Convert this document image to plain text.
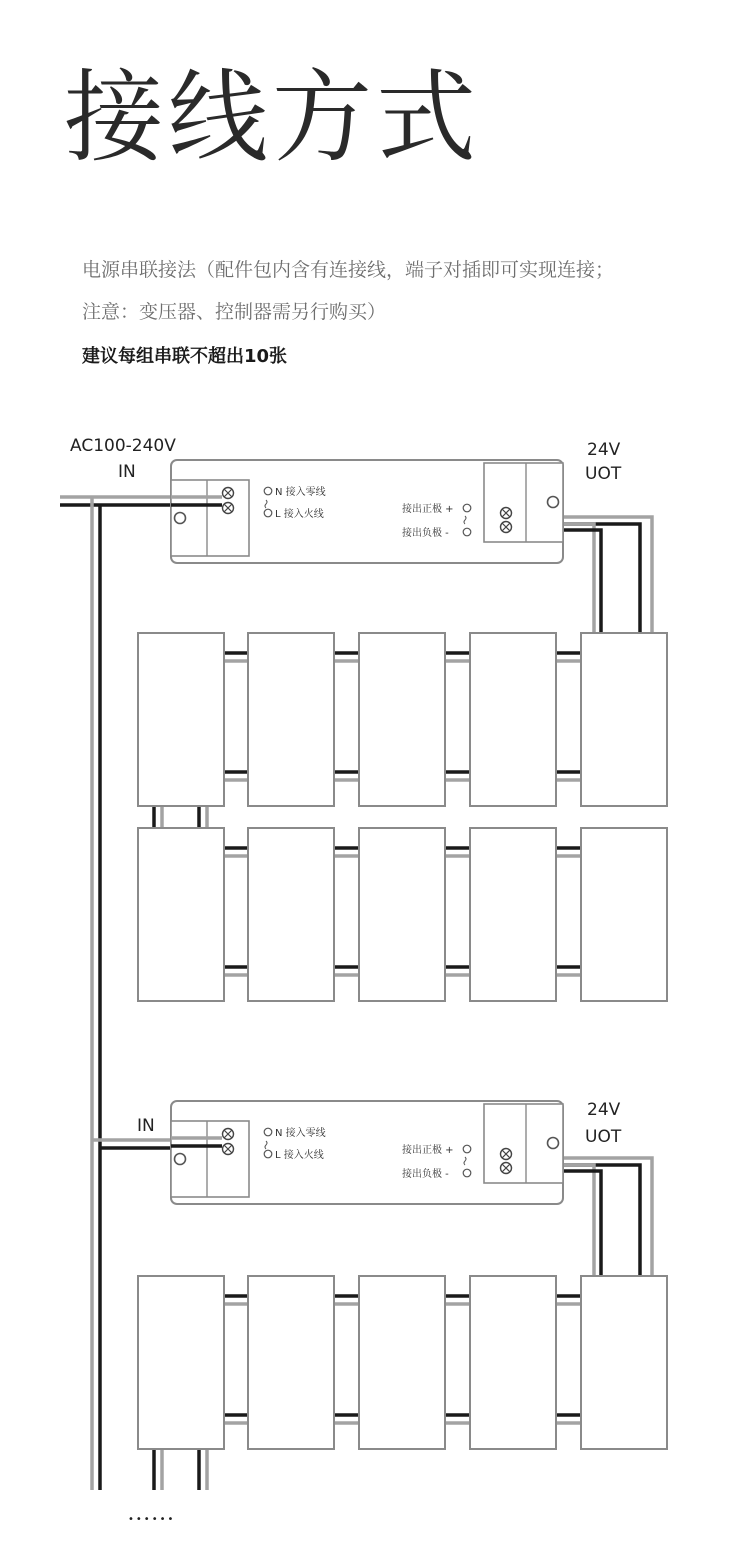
接线方式
电源串联接法（配件包内含有连接线，端子对插即可实现连接；
注意：变压器、控制器需另行购买）
建议每组串联不超出10张
N 接入零线
L 接入火线	接出正极 +
接出负极 -
N 接入零线
L 接入火线	接出正极 +
接出负极 -
AC100-240V
IN
IN
24V
UOT
24V
UOT
••••••
